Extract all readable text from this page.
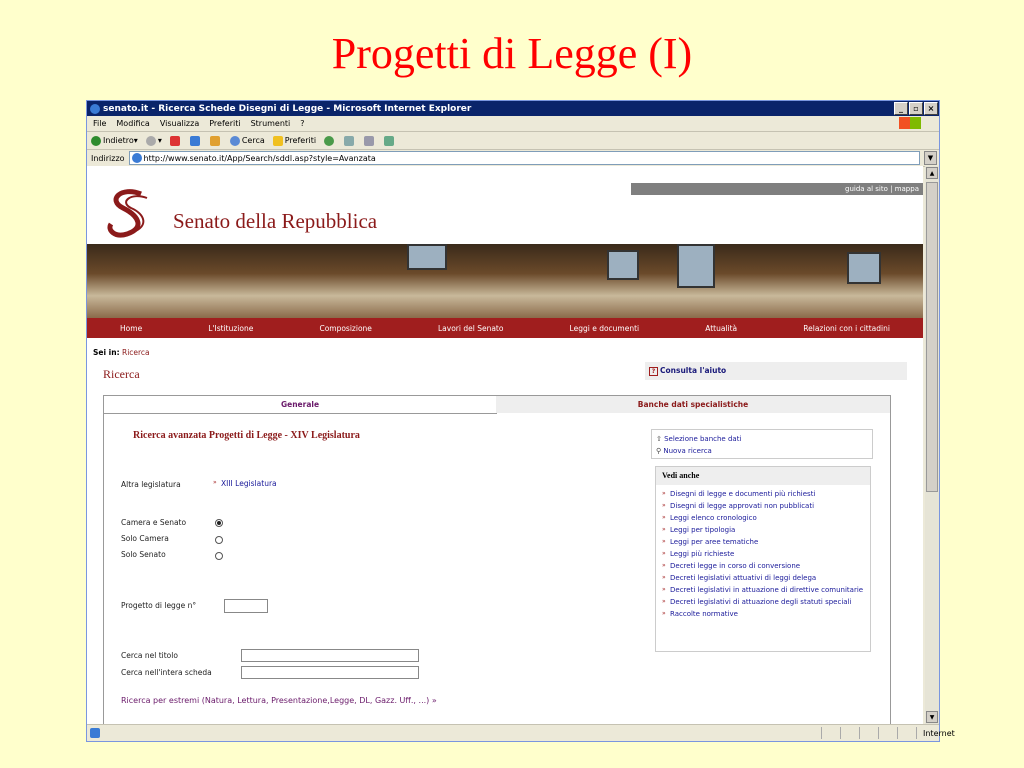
Progetti di Legge (I)
senato.it - Ricerca Schede Disegni di Legge - Microsoft Internet Explorer	_	▫	×
File Modifica Visualizza Preferiti Strumenti ?
Indietro ▾	▾	Cerca	Preferiti
Indirizzo http://www.senato.it/App/Search/sddl.asp?style=Avanzata	▼
guida al sito | mappa
Senato della Repubblica
Home	L'Istituzione	Composizione	Lavori del Senato	Leggi e documenti	Attualità	Relazioni con i cittadini
Sei in: Ricerca
Ricerca	? Consulta l'aiuto
Generale	Banche dati specialistiche
Ricerca avanzata Progetti di Legge - XIV Legislatura
Altra legislatura	» XIII Legislatura
Camera e Senato
Solo Camera
Solo Senato
Progetto di legge n°
Cerca nel titolo
Cerca nell'intera scheda
Ricerca per estremi (Natura, Lettura, Presentazione,Legge, DL, Gazz. Uff., ...) »
⇧ Selezione banche dati
⚲ Nuova ricerca
Vedi anche
» Disegni di legge e documenti più richiesti
» Disegni di legge approvati non pubblicati
» Leggi elenco cronologico
» Leggi per tipologia
» Leggi per aree tematiche
» Leggi più richieste
» Decreti legge in corso di conversione
» Decreti legislativi attuativi di leggi delega
» Decreti legislativi in attuazione di direttive comunitarie
» Decreti legislativi di attuazione degli statuti speciali
» Raccolte normative
▲
▼
Internet
